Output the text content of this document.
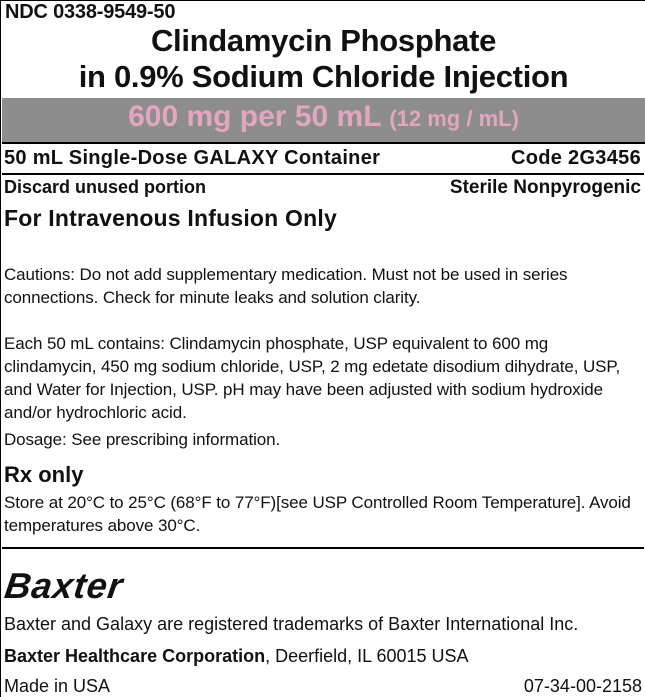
NDC 0338-9549-50
Clindamycin Phosphate
in 0.9% Sodium Chloride Injection
600 mg per 50 mL (12 mg / mL)
50 mL Single-Dose GALAXY Container	Code 2G3456
Discard unused portion	Sterile Nonpyrogenic
For Intravenous Infusion Only
Cautions: Do not add supplementary medication. Must not be used in series connections. Check for minute leaks and solution clarity.
Each 50 mL contains: Clindamycin phosphate, USP equivalent to 600 mg clindamycin, 450 mg sodium chloride, USP, 2 mg edetate disodium dihydrate, USP, and Water for Injection, USP. pH may have been adjusted with sodium hydroxide and/or hydrochloric acid.
Dosage: See prescribing information.
Rx only
Store at 20°C to 25°C (68°F to 77°F)[see USP Controlled Room Temperature]. Avoid temperatures above 30°C.
Baxter
Baxter and Galaxy are registered trademarks of Baxter International Inc.
Baxter Healthcare Corporation, Deerfield, IL 60015 USA
Made in USA	07-34-00-2158
